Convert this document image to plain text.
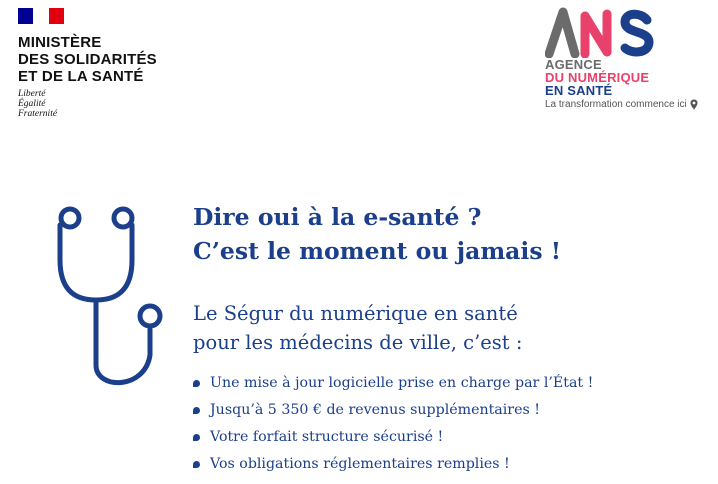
MINISTÈRE
DES SOLIDARITÉS
ET DE LA SANTÉ
Liberté
Égalité
Fraternité
AGENCE
DU NUMÉRIQUE
EN SANTÉ
La transformation commence ici
Dire oui à la e-santé ?
C’est le moment ou jamais !
Le Ségur du numérique en santé
pour les médecins de ville, c’est :
Une mise à jour logicielle prise en charge par l’État !
Jusqu’à 5 350 € de revenus supplémentaires !
Votre forfait structure sécurisé !
Vos obligations réglementaires remplies !
